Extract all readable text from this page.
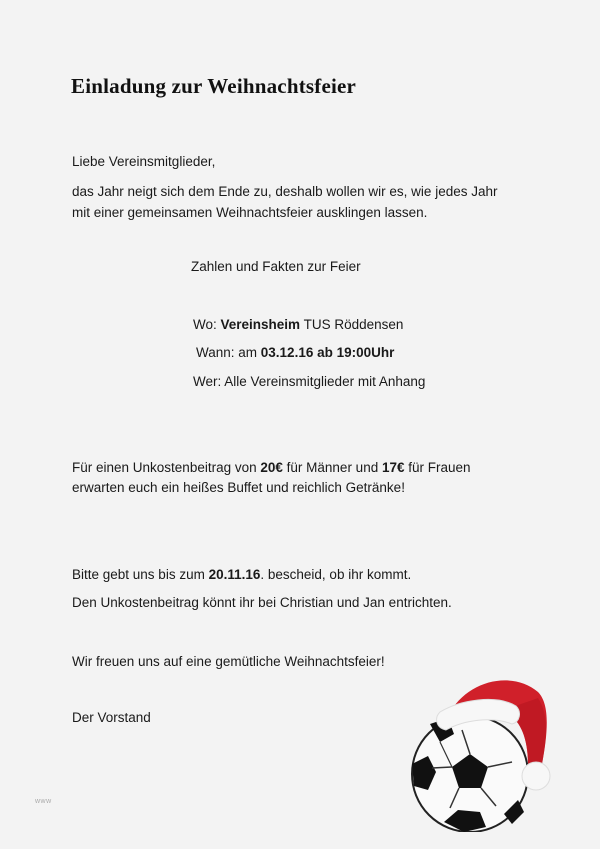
Einladung zur Weihnachtsfeier

Liebe Vereinsmitglieder,

das Jahr neigt sich dem Ende zu, deshalb wollen wir es, wie jedes Jahr
mit einer gemeinsamen Weihnachtsfeier ausklingen lassen.

Zahlen und Fakten zur Feier

Wo: Vereinsheim TUS Röddensen

Wann: am 03.12.16 ab 19:00Uhr

Wer: Alle Vereinsmitglieder mit Anhang

Für einen Unkostenbeitrag von 20€ für Männer und 17€ für Frauen
erwarten euch ein heißes Buffet und reichlich Getränke!

Bitte gebt uns bis zum 20.11.16. bescheid, ob ihr kommt.

Den Unkostenbeitrag könnt ihr bei Christian und Jan entrichten.

Wir freuen uns auf eine gemütliche Weihnachtsfeier!

Der Vorstand

www
